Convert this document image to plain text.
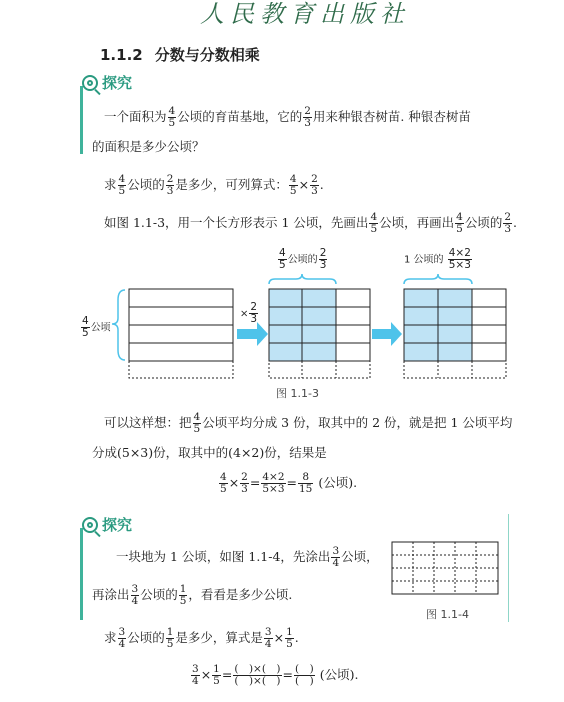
人民教育出版社
1.1.2 分数与分数相乘
探究
一个面积为 $\frac{4}{5}$ 公顷的育苗基地，它的 $\frac{2}{3}$ 用来种银杏树苗. 种银杏树苗
的面积是多少公顷？
求 $\frac{4}{5}$ 公顷的 $\frac{2}{3}$ 是多少，可列算式： $\frac{4}{5} \times \frac{2}{3}$ .
如图 1.1-3，用一个长方形表示 1 公顷，先画出 $\frac{4}{5}$ 公顷，再画出 $\frac{4}{5}$ 公顷的 $\frac{2}{3}$ .
$\frac{4}{5}$ 公顷
× $\frac{2}{3}$
$\frac{4}{5}$ 公顷的 $\frac{2}{3}$	1 公顷的 $\frac{4\times 2}{5\times 3}$
图 1.1-3
可以这样想：把 $\frac{4}{5}$ 公顷平均分成 3 份，取其中的 2 份，就是把 1 公顷平均
分成(5×3)份，取其中的(4×2)份，结果是
$\frac{4}{5} \times \frac{2}{3} = \frac{4\times 2}{5\times 3} = \frac{8}{15}$ (公顷).
探究
一块地为 1 公顷，如图 1.1-4，先涂出 $\frac{3}{4}$ 公顷，
再涂出 $\frac{3}{4}$ 公顷的 $\frac{1}{5}$ ，看看是多少公顷.
图 1.1-4
求 $\frac{3}{4}$ 公顷的 $\frac{1}{5}$ 是多少，算式是 $\frac{3}{4} \times \frac{1}{5}$ .
$\frac{3}{4} \times \frac{1}{5} = \frac{( )\times( )}{( )\times( )} = \frac{( )}{( )}$ (公顷).
